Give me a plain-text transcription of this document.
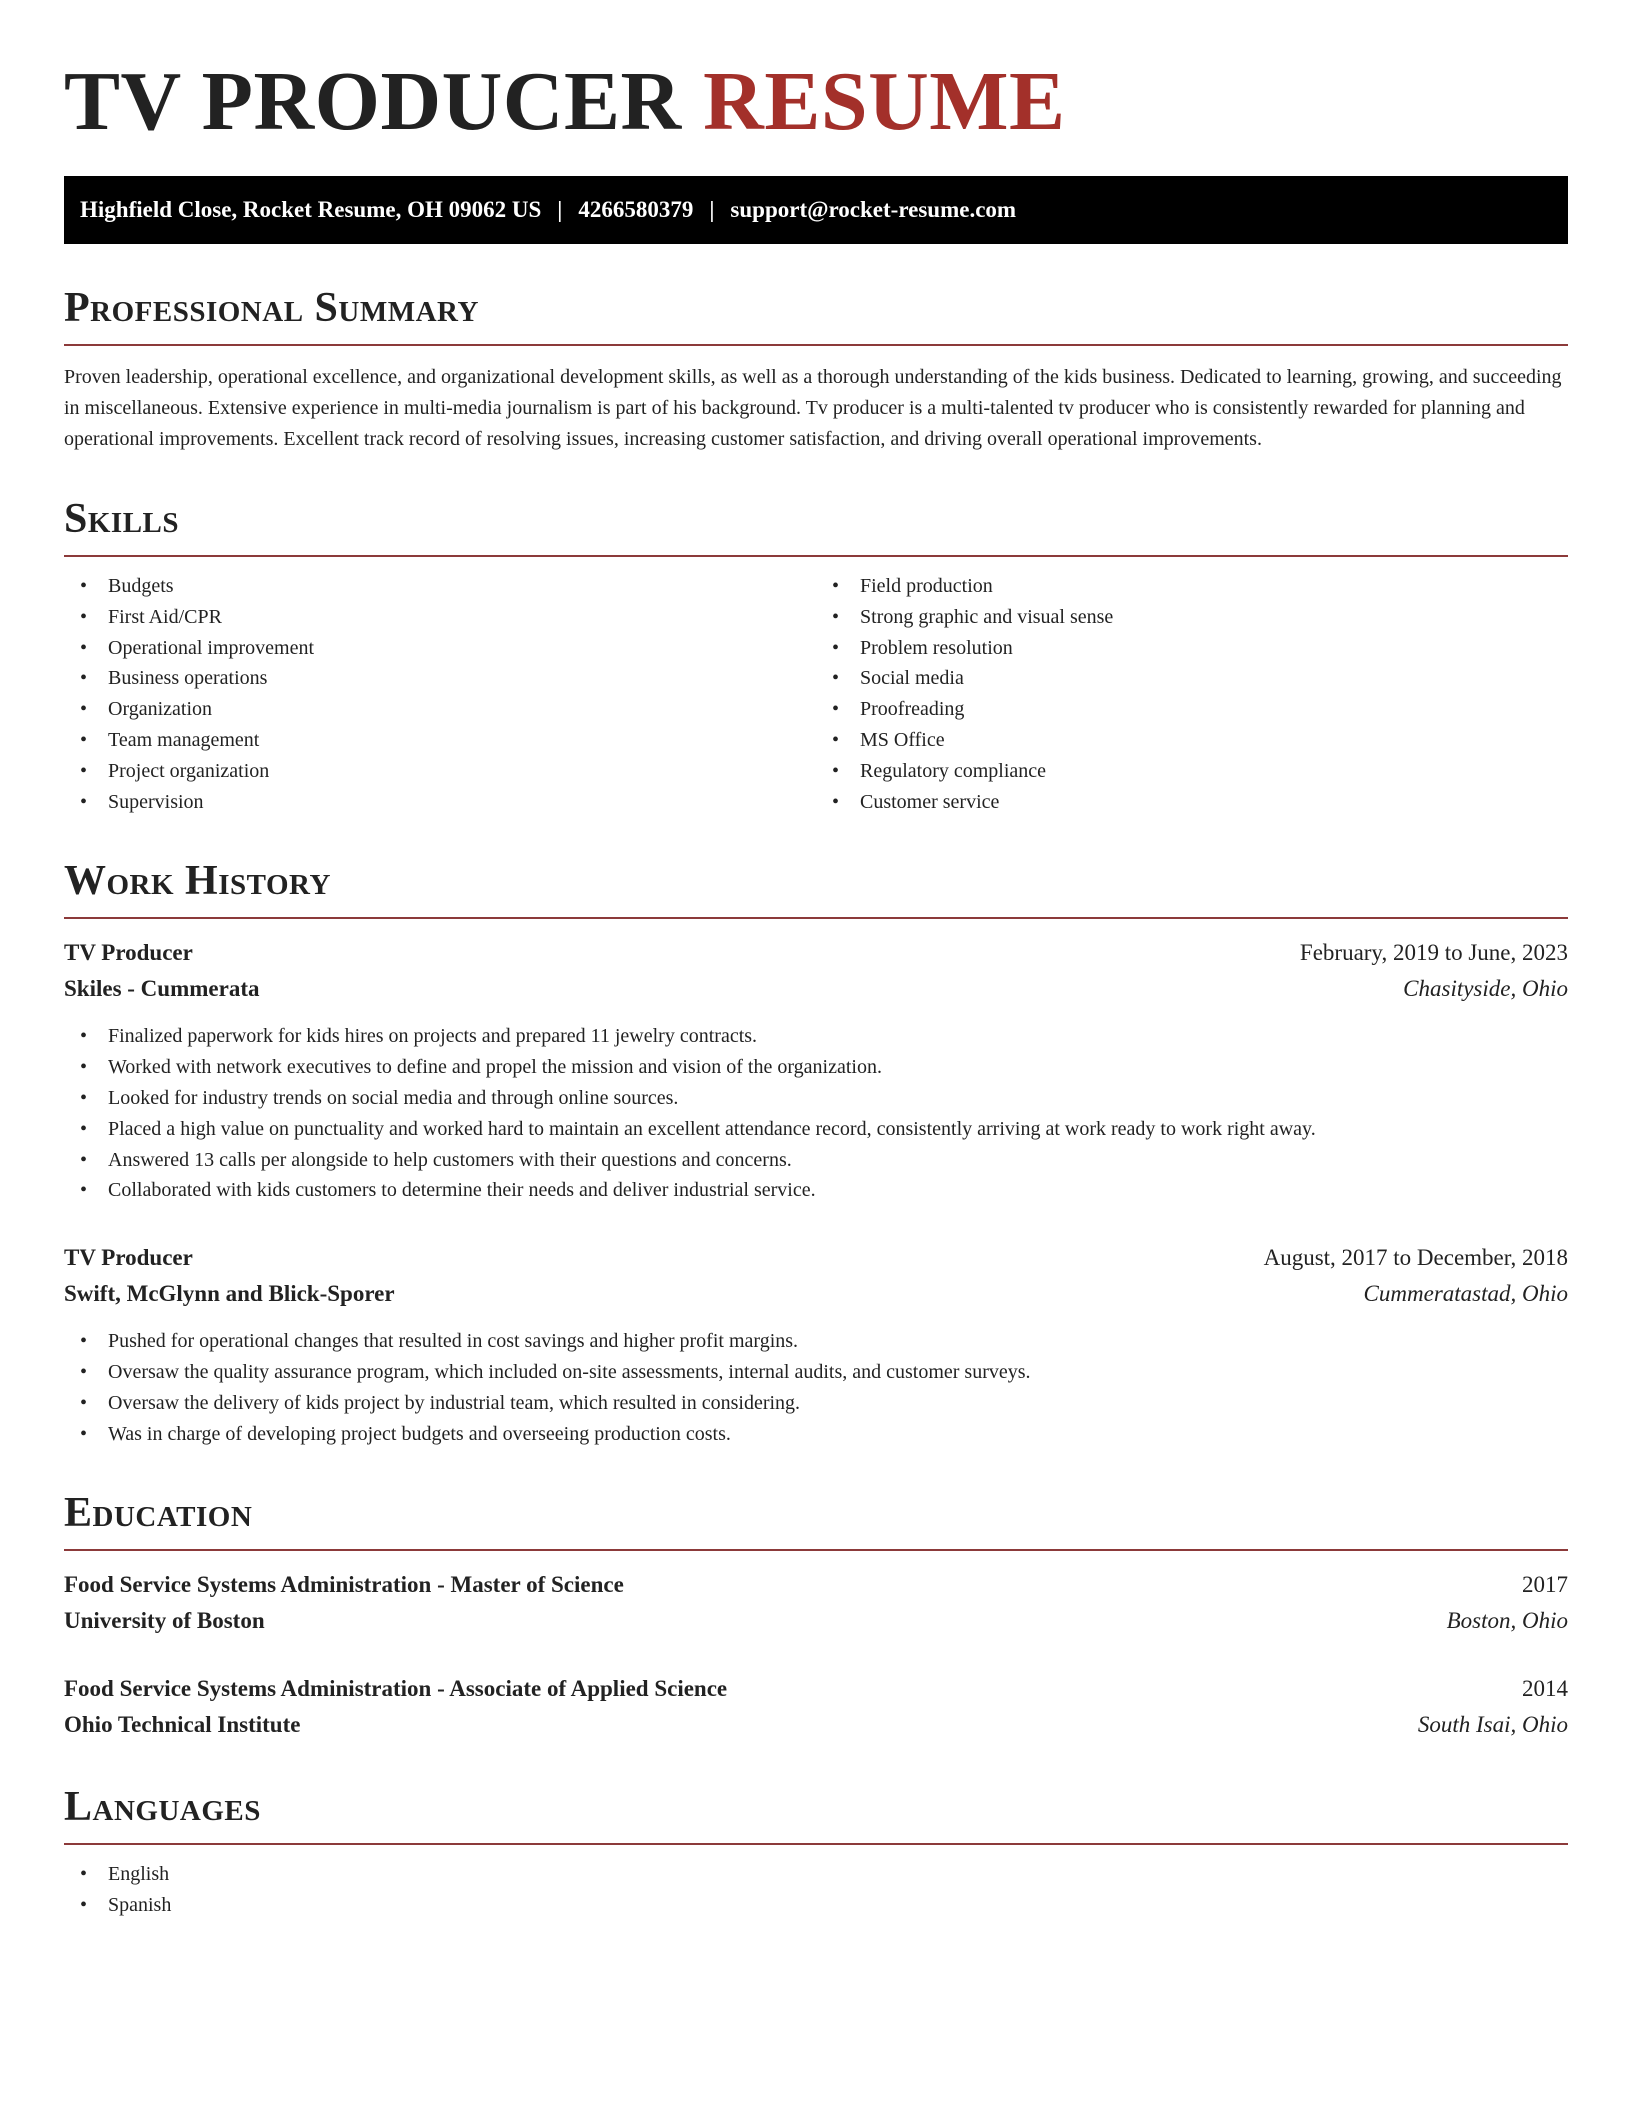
TV PRODUCER RESUME
Highfield Close, Rocket Resume, OH 09062 US | 4266580379 | support@rocket-resume.com
Professional Summary

Proven leadership, operational excellence, and organizational development skills, as well as a thorough understanding of the kids business. Dedicated to learning, growing, and succeeding in miscellaneous. Extensive experience in multi-media journalism is part of his background. Tv producer is a multi-talented tv producer who is consistently rewarded for planning and operational improvements. Excellent track record of resolving issues, increasing customer satisfaction, and driving overall operational improvements.

Skills
• Budgets
• First Aid/CPR
• Operational improvement
• Business operations
• Organization
• Team management
• Project organization
• Supervision
• Field production
• Strong graphic and visual sense
• Problem resolution
• Social media
• Proofreading
• MS Office
• Regulatory compliance
• Customer service
Work History
TV Producer	February, 2019 to June, 2023
Skiles - Cummerata	Chasityside, Ohio
• Finalized paperwork for kids hires on projects and prepared 11 jewelry contracts.
• Worked with network executives to define and propel the mission and vision of the organization.
• Looked for industry trends on social media and through online sources.
• Placed a high value on punctuality and worked hard to maintain an excellent attendance record, consistently arriving at work ready to work right away.
• Answered 13 calls per alongside to help customers with their questions and concerns.
• Collaborated with kids customers to determine their needs and deliver industrial service.
TV Producer	August, 2017 to December, 2018
Swift, McGlynn and Blick-Sporer	Cummeratastad, Ohio
• Pushed for operational changes that resulted in cost savings and higher profit margins.
• Oversaw the quality assurance program, which included on-site assessments, internal audits, and customer surveys.
• Oversaw the delivery of kids project by industrial team, which resulted in considering.
• Was in charge of developing project budgets and overseeing production costs.
Education
Food Service Systems Administration - Master of Science	2017
University of Boston	Boston, Ohio
Food Service Systems Administration - Associate of Applied Science	2014
Ohio Technical Institute	South Isai, Ohio
Languages
• English
• Spanish
